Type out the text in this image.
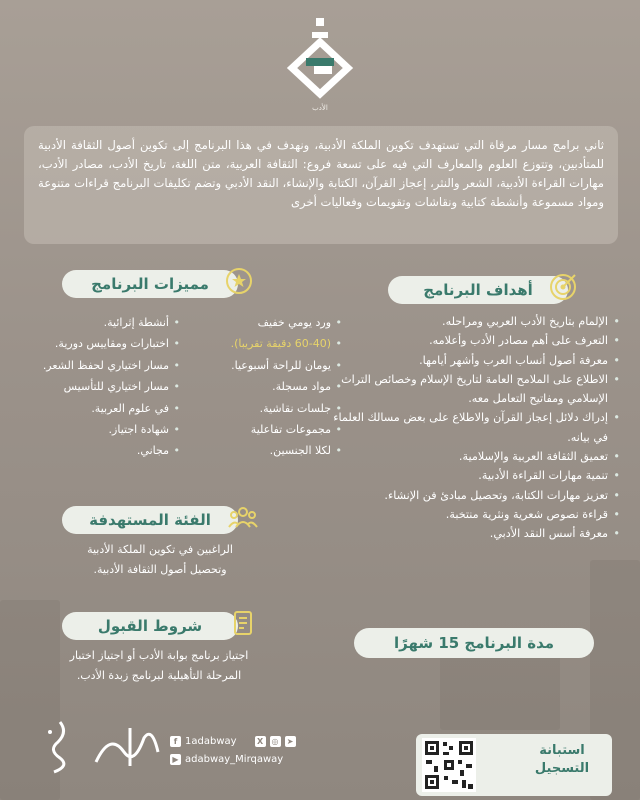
الأدب
ثاني برامج مسار مرقاة التي تستهدف تكوين الملكة الأدبية، ونهدف في هذا البرنامج إلى تكوين أصول الثقافة الأدبية للمتأدبين، وتتوزع العلوم والمعارف التي فيه على تسعة فروع: الثقافة العربية، متن اللغة، تاريخ الأدب، مصادر الأدب، مهارات القراءة الأدبية، الشعر والنثر، إعجاز القرآن، الكتابة والإنشاء، النقد الأدبي وتضم تكليفات البرنامج قراءات متنوعة ومواد مسموعة وأنشطة كتابية ونقاشات وتقويمات وفعاليات أخرى
أهداف البرنامج
• الإلمام بتاريخ الأدب العربي ومراحله.
• التعرف على أهم مصادر الأدب وأعلامه.
• معرفة أصول أنساب العرب وأشهر أيامها.
• الاطلاع على الملامح العامة لتاريخ الإسلام وخصائص التراث الإسلامي ومفاتيح التعامل معه.
• إدراك دلائل إعجاز القرآن والاطلاع على بعض مسالك العلماء في بيانه.
• تعميق الثقافة العربية والإسلامية.
• تنمية مهارات القراءة الأدبية.
• تعزيز مهارات الكتابة، وتحصيل مبادئ فن الإنشاء.
• قراءة نصوص شعرية ونثرية منتخبة.
• معرفة أسس النقد الأدبي.
مميزات البرنامج
• ورد يومي خفيف
• (60-40 دقيقة تقريبا).
• يومان للراحة أسبوعيا.
• مواد مسجلة.
• جلسات نقاشية.
• مجموعات تفاعلية
• لكلا الجنسين.
• أنشطة إثرائية.
• اختبارات ومقاييس دورية.
• مسار اختياري لحفظ الشعر.
• مسار اختياري للتأسيس
• في علوم العربية.
• شهادة اجتياز.
• مجاني.
الفئة المستهدفة
الراغبين في تكوين الملكة الأدبية
وتحصيل أصول الثقافة الأدبية.
شروط القبول
اجتياز برنامج بوابة الأدب أو اجتياز اختبار
المرحلة التأهيلية لبرنامج زبدة الأدب.
مدة البرنامج 15 شهرًا
f 1adabway	X	◎ ➤
▶ adabway_Mirqaway
استبانة
التسجيل
